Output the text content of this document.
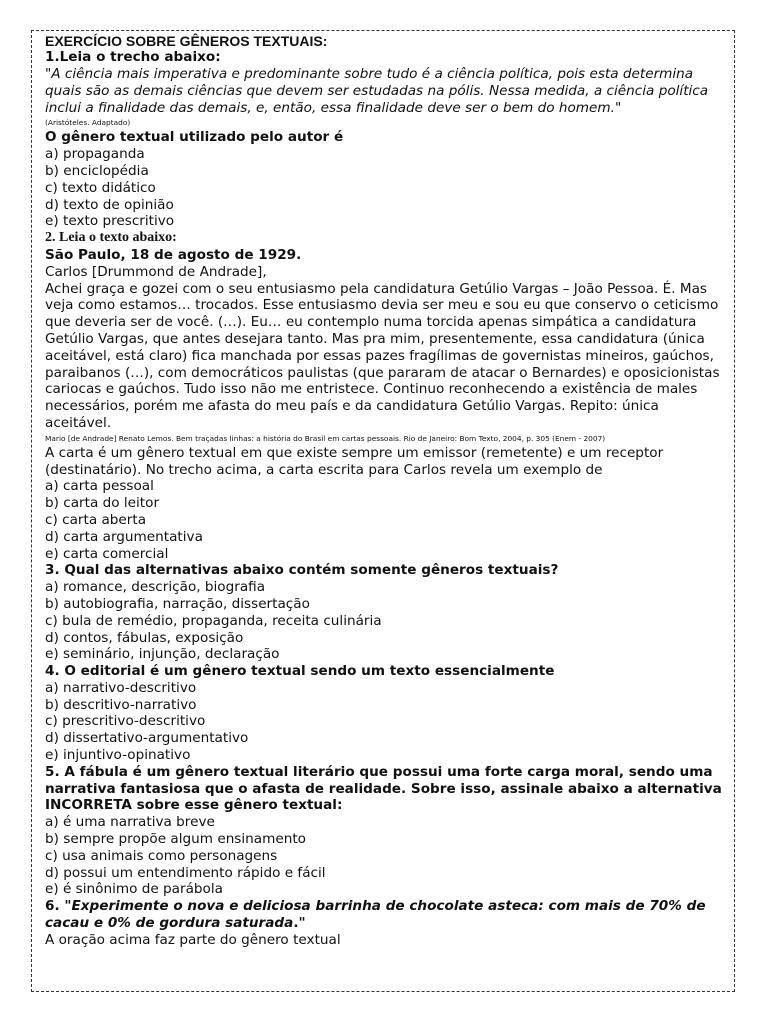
EXERCÍCIO SOBRE GÊNEROS TEXTUAIS:

1.Leia o trecho abaixo:

"A ciência mais imperativa e predominante sobre tudo é a ciência política, pois esta determina quais são as demais ciências que devem ser estudadas na pólis. Nessa medida, a ciência política inclui a finalidade das demais, e, então, essa finalidade deve ser o bem do homem."

(Aristóteles. Adaptado)

O gênero textual utilizado pelo autor é

a) propaganda

b) enciclopédia

c) texto didático

d) texto de opinião

e) texto prescritivo

2. Leia o texto abaixo:

São Paulo, 18 de agosto de 1929.

Carlos [Drummond de Andrade],

Achei graça e gozei com o seu entusiasmo pela candidatura Getúlio Vargas – João Pessoa. É. Mas veja como estamos… trocados. Esse entusiasmo devia ser meu e sou eu que conservo o ceticismo que deveria ser de você. (…). Eu… eu contemplo numa torcida apenas simpática a candidatura Getúlio Vargas, que antes desejara tanto. Mas pra mim, presentemente, essa candidatura (única aceitável, está claro) fica manchada por essas pazes fragílimas de governistas mineiros, gaúchos, paraibanos (…), com democráticos paulistas (que pararam de atacar o Bernardes) e oposicionistas cariocas e gaúchos. Tudo isso não me entristece. Continuo reconhecendo a existência de males necessários, porém me afasta do meu país e da candidatura Getúlio Vargas. Repito: única aceitável.

Mario [de Andrade] Renato Lemos. Bem traçadas linhas: a história do Brasil em cartas pessoais. Rio de Janeiro: Bom Texto, 2004, p. 305 (Enem - 2007)

A carta é um gênero textual em que existe sempre um emissor (remetente) e um receptor (destinatário). No trecho acima, a carta escrita para Carlos revela um exemplo de

a) carta pessoal

b) carta do leitor

c) carta aberta

d) carta argumentativa

e) carta comercial

3. Qual das alternativas abaixo contém somente gêneros textuais?

a) romance, descrição, biografia

b) autobiografia, narração, dissertação

c) bula de remédio, propaganda, receita culinária

d) contos, fábulas, exposição

e) seminário, injunção, declaração

4. O editorial é um gênero textual sendo um texto essencialmente

a) narrativo-descritivo

b) descritivo-narrativo

c) prescritivo-descritivo

d) dissertativo-argumentativo

e) injuntivo-opinativo

5. A fábula é um gênero textual literário que possui uma forte carga moral, sendo uma narrativa fantasiosa que o afasta de realidade. Sobre isso, assinale abaixo a alternativa INCORRETA sobre esse gênero textual:

a) é uma narrativa breve

b) sempre propõe algum ensinamento

c) usa animais como personagens

d) possui um entendimento rápido e fácil

e) é sinônimo de parábola

6. "Experimente o nova e deliciosa barrinha de chocolate asteca: com mais de 70% de cacau e 0% de gordura saturada."

A oração acima faz parte do gênero textual
